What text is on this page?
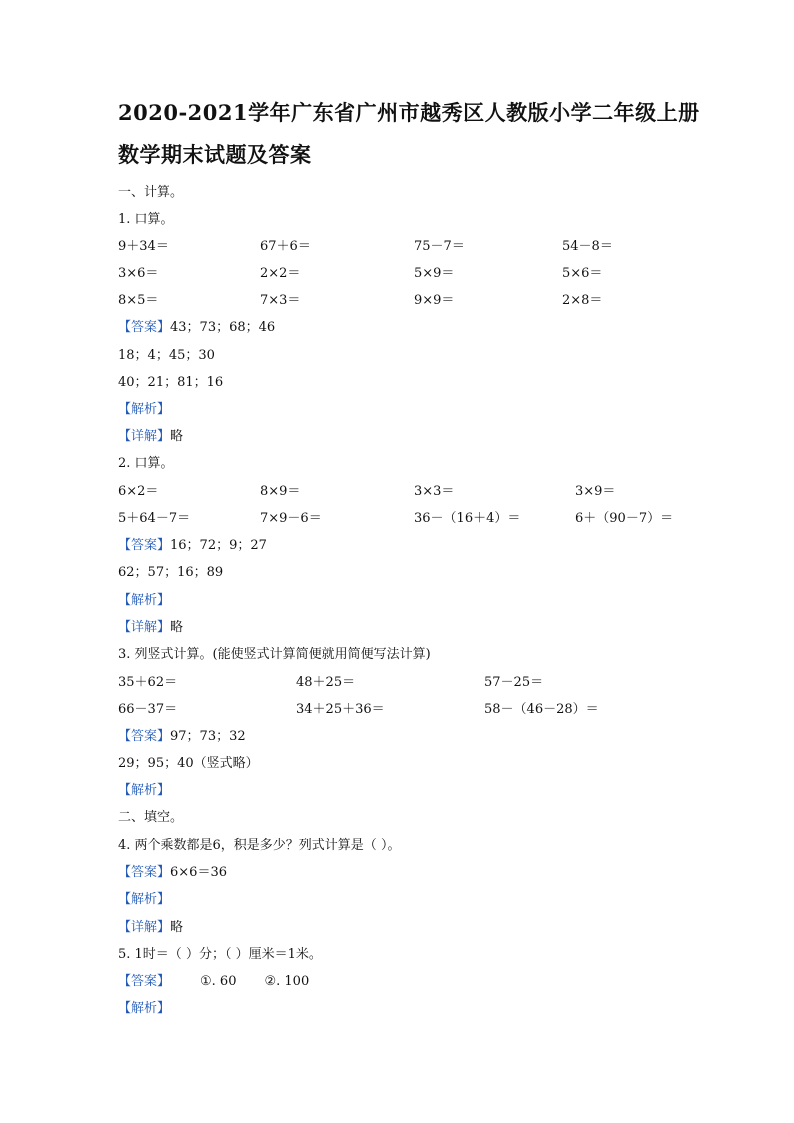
2020-2021学年广东省广州市越秀区人教版小学二年级上册
数学期末试题及答案
一、计算。
1. 口算。
9＋34＝	67＋6＝	75－7＝	54－8＝
3×6＝	2×2＝	5×9＝	5×6＝
8×5＝	7×3＝	9×9＝	2×8＝
【答案】43；73；68；46
18；4；45；30
40；21；81；16
【解析】
【详解】略
2. 口算。
6×2＝	8×9＝	3×3＝	3×9＝
5＋64－7＝	7×9－6＝	36－（16＋4）＝	6＋（90－7）＝
【答案】16；72；9；27
62；57；16；89
【解析】
【详解】略
3. 列竖式计算。(能使竖式计算简便就用简便写法计算)
35＋62＝	48＋25＝	57－25＝
66－37＝	34＋25＋36＝	58－（46－28）＝
【答案】97；73；32
29；95；40（竖式略）
【解析】
二、填空。
4. 两个乘数都是6，积是多少？列式计算是（ ）。
【答案】6×6＝36
【解析】
【详解】略
5. 1时＝（ ）分；（ ）厘米＝1米。
【答案】 ①. 60 ②. 100
【解析】
